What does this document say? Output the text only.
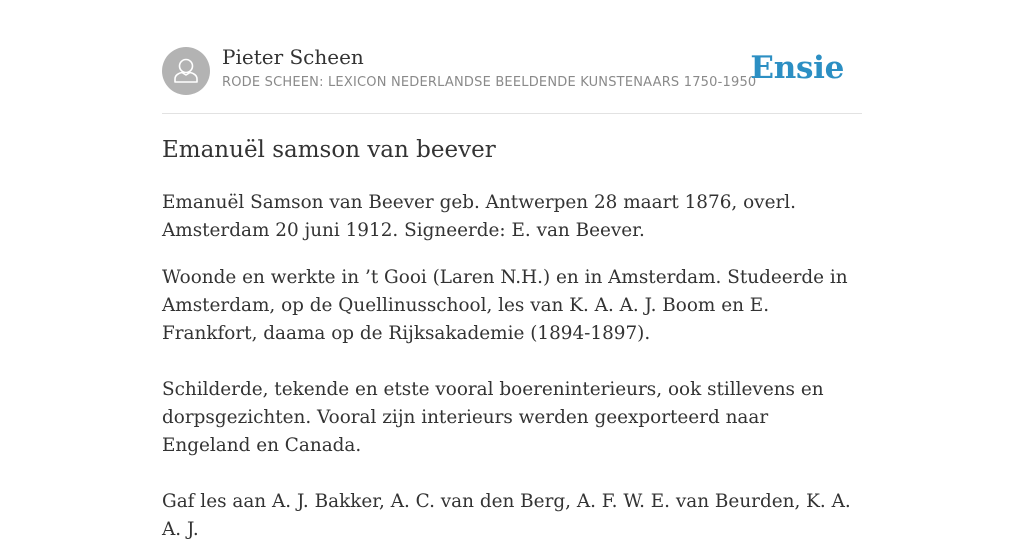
Pieter Scheen
RODE SCHEEN: LEXICON NEDERLANDSE BEELDENDE KUNSTENAARS 1750-1950
Ensie
Emanuël samson van beever

Emanuël Samson van Beever geb. Antwerpen 28 maart 1876, overl. Amsterdam 20 juni 1912. Signeerde: E. van Beever.

Woonde en werkte in ’t Gooi (Laren N.H.) en in Amsterdam. Studeerde in Amsterdam, op de Quellinusschool, les van K. A. A. J. Boom en E. Frankfort, daama op de Rijksakademie (1894-1897).

Schilderde, tekende en etste vooral boereninterieurs, ook stillevens en dorpsgezichten. Vooral zijn interieurs werden geexporteerd naar Engeland en Canada.

Gaf les aan A. J. Bakker, A. C. van den Berg, A. F. W. E. van Beurden, K. A. A. J.
